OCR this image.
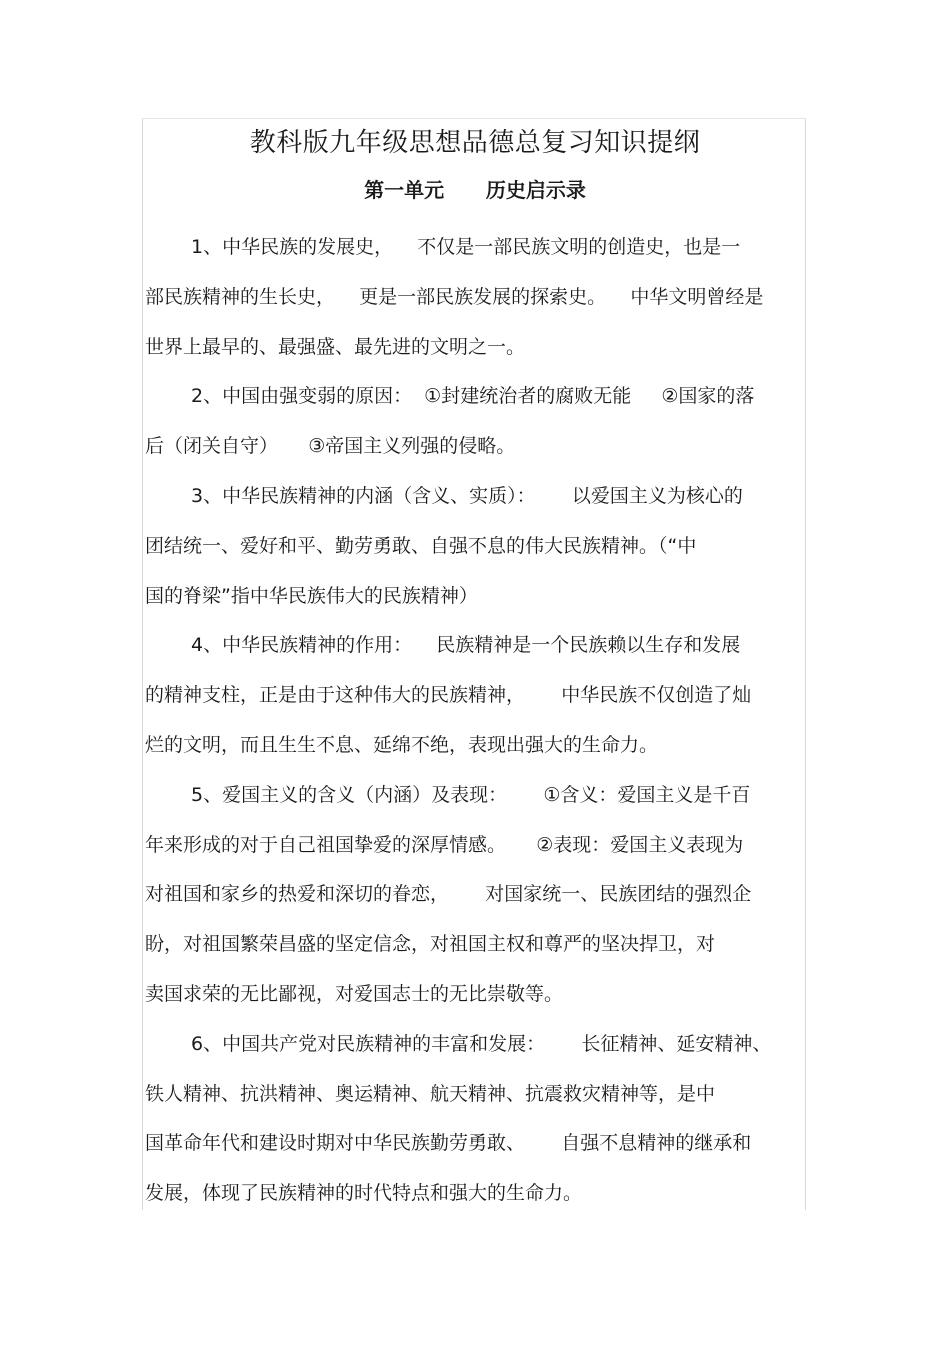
教科版九年级思想品德总复习知识提纲
第一单元      历史启示录

1、中华民族的发展史，    不仅是一部民族文明的创造史，也是一
部民族精神的生长史，    更是一部民族发展的探索史。    中华文明曾经是
世界上最早的、最强盛、最先进的文明之一。

2、中国由强变弱的原因：  ①封建统治者的腐败无能     ②国家的落
后（闭关自守）     ③帝国主义列强的侵略。

3、中华民族精神的内涵（含义、实质）：      以爱国主义为核心的
团结统一、爱好和平、勤劳勇敢、自强不息的伟大民族精神。（“中
国的脊梁”指中华民族伟大的民族精神）

4、中华民族精神的作用：    民族精神是一个民族赖以生存和发展
的精神支柱，正是由于这种伟大的民族精神，      中华民族不仅创造了灿
烂的文明，而且生生不息、延绵不绝，表现出强大的生命力。

5、爱国主义的含义（内涵）及表现：      ①含义：爱国主义是千百
年来形成的对于自己祖国挚爱的深厚情感。     ②表现：爱国主义表现为
对祖国和家乡的热爱和深切的眷恋，      对国家统一、民族团结的强烈企
盼，对祖国繁荣昌盛的坚定信念，对祖国主权和尊严的坚决捍卫，对
卖国求荣的无比鄙视，对爱国志士的无比崇敬等。

6、中国共产党对民族精神的丰富和发展：      长征精神、延安精神、
铁人精神、抗洪精神、奥运精神、航天精神、抗震救灾精神等，是中
国革命年代和建设时期对中华民族勤劳勇敢、      自强不息精神的继承和
发展，体现了民族精神的时代特点和强大的生命力。
